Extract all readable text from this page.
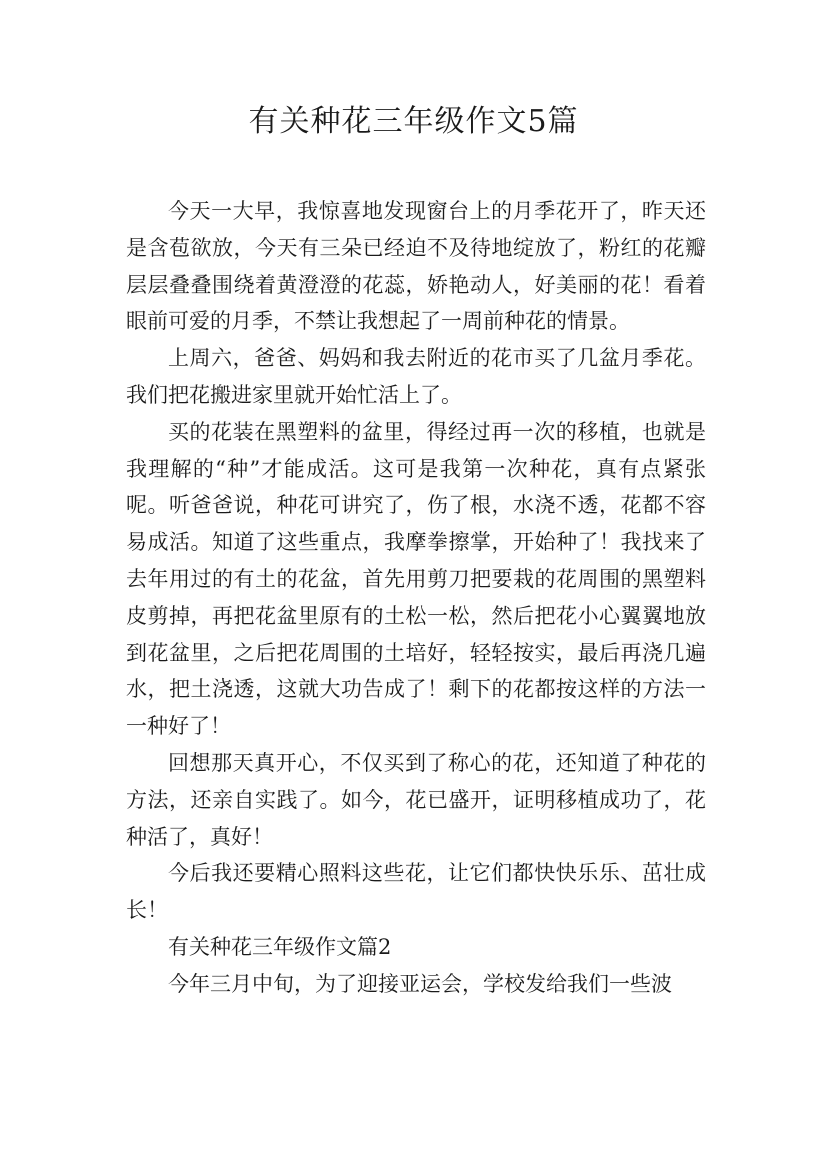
有关种花三年级作文5篇

今天一大早，我惊喜地发现窗台上的月季花开了，昨天还是含苞欲放，今天有三朵已经迫不及待地绽放了，粉红的花瓣层层叠叠围绕着黄澄澄的花蕊，娇艳动人，好美丽的花！看着眼前可爱的月季，不禁让我想起了一周前种花的情景。

上周六，爸爸、妈妈和我去附近的花市买了几盆月季花。我们把花搬进家里就开始忙活上了。

买的花装在黑塑料的盆里，得经过再一次的移植，也就是我理解的“种”才能成活。这可是我第一次种花，真有点紧张呢。听爸爸说，种花可讲究了，伤了根，水浇不透，花都不容易成活。知道了这些重点，我摩拳擦掌，开始种了！我找来了去年用过的有土的花盆，首先用剪刀把要栽的花周围的黑塑料皮剪掉，再把花盆里原有的土松一松，然后把花小心翼翼地放到花盆里，之后把花周围的土培好，轻轻按实，最后再浇几遍水，把土浇透，这就大功告成了！剩下的花都按这样的方法一一种好了！

回想那天真开心，不仅买到了称心的花，还知道了种花的方法，还亲自实践了。如今，花已盛开，证明移植成功了，花种活了，真好！

今后我还要精心照料这些花，让它们都快快乐乐、茁壮成长！

有关种花三年级作文篇2

今年三月中旬，为了迎接亚运会，学校发给我们一些波
